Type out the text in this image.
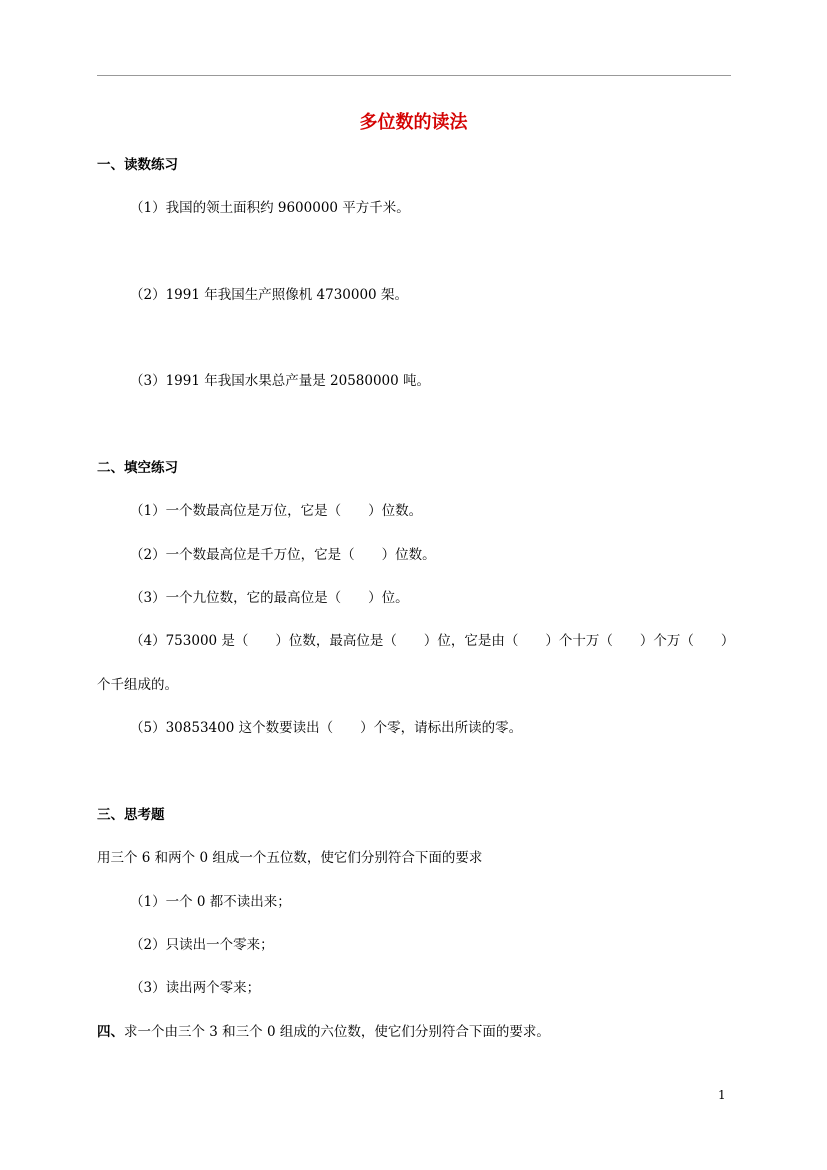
多位数的读法
一、读数练习
（1）我国的领土面积约 9600000 平方千米。
（2）1991 年我国生产照像机 4730000 架。
（3）1991 年我国水果总产量是 20580000 吨。
二、填空练习
（1）一个数最高位是万位，它是（　　）位数。
（2）一个数最高位是千万位，它是（　　）位数。
（3）一个九位数，它的最高位是（　　）位。
（4）753000 是（　　）位数，最高位是（　　）位，它是由（　　）个十万（　　）个万（　　）
个千组成的。
（5）30853400 这个数要读出（　　）个零，请标出所读的零。
三、思考题
用三个 6 和两个 0 组成一个五位数，使它们分别符合下面的要求
（1）一个 0 都不读出来；
（2）只读出一个零来；
（3）读出两个零来；
四、求一个由三个 3 和三个 0 组成的六位数，使它们分别符合下面的要求。
1
